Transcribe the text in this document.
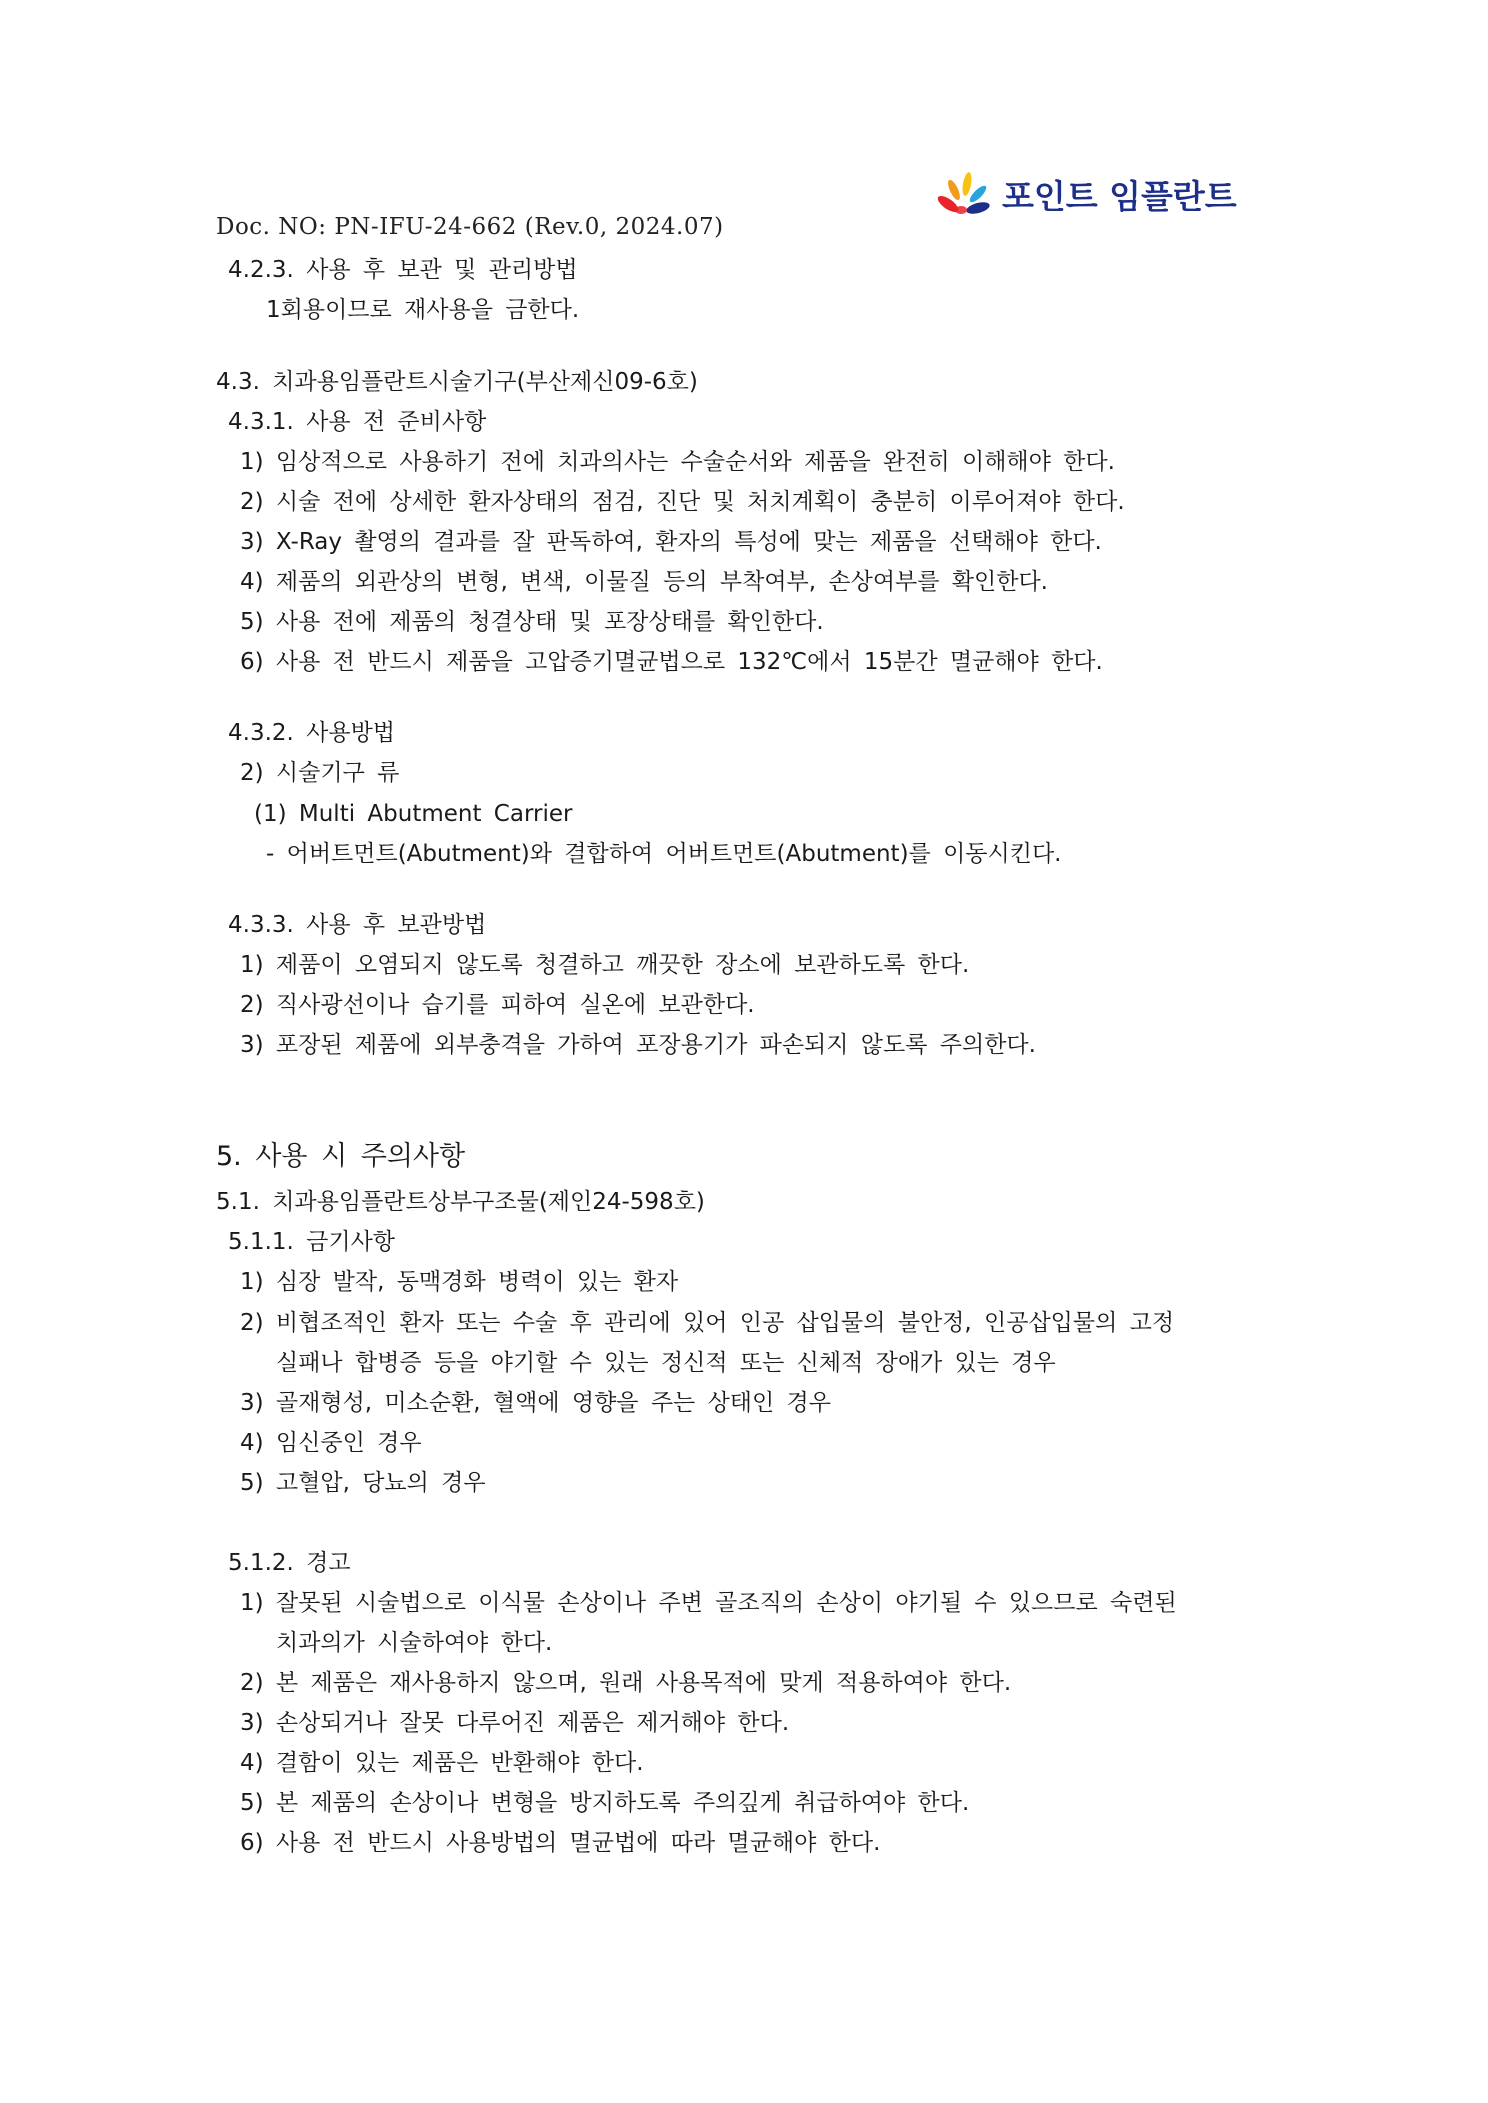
포인트 임플란트
Doc. NO: PN-IFU-24-662 (Rev.0, 2024.07)
4.2.3. 사용 후 보관 및 관리방법
1회용이므로 재사용을 금한다.
4.3. 치과용임플란트시술기구(부산제신09-6호)
4.3.1. 사용 전 준비사항
1) 임상적으로 사용하기 전에 치과의사는 수술순서와 제품을 완전히 이해해야 한다.
2) 시술 전에 상세한 환자상태의 점검, 진단 및 처치계획이 충분히 이루어져야 한다.
3) X-Ray 촬영의 결과를 잘 판독하여, 환자의 특성에 맞는 제품을 선택해야 한다.
4) 제품의 외관상의 변형, 변색, 이물질 등의 부착여부, 손상여부를 확인한다.
5) 사용 전에 제품의 청결상태 및 포장상태를 확인한다.
6) 사용 전 반드시 제품을 고압증기멸균법으로 132℃에서 15분간 멸균해야 한다.
4.3.2. 사용방법
2) 시술기구 류
(1) Multi Abutment Carrier
- 어버트먼트(Abutment)와 결합하여 어버트먼트(Abutment)를 이동시킨다.
4.3.3. 사용 후 보관방법
1) 제품이 오염되지 않도록 청결하고 깨끗한 장소에 보관하도록 한다.
2) 직사광선이나 습기를 피하여 실온에 보관한다.
3) 포장된 제품에 외부충격을 가하여 포장용기가 파손되지 않도록 주의한다.
5. 사용 시 주의사항
5.1. 치과용임플란트상부구조물(제인24-598호)
5.1.1. 금기사항
1) 심장 발작, 동맥경화 병력이 있는 환자
2) 비협조적인 환자 또는 수술 후 관리에 있어 인공 삽입물의 불안정, 인공삽입물의 고정
실패나 합병증 등을 야기할 수 있는 정신적 또는 신체적 장애가 있는 경우
3) 골재형성, 미소순환, 혈액에 영향을 주는 상태인 경우
4) 임신중인 경우
5) 고혈압, 당뇨의 경우
5.1.2. 경고
1) 잘못된 시술법으로 이식물 손상이나 주변 골조직의 손상이 야기될 수 있으므로 숙련된
치과의가 시술하여야 한다.
2) 본 제품은 재사용하지 않으며, 원래 사용목적에 맞게 적용하여야 한다.
3) 손상되거나 잘못 다루어진 제품은 제거해야 한다.
4) 결함이 있는 제품은 반환해야 한다.
5) 본 제품의 손상이나 변형을 방지하도록 주의깊게 취급하여야 한다.
6) 사용 전 반드시 사용방법의 멸균법에 따라 멸균해야 한다.
